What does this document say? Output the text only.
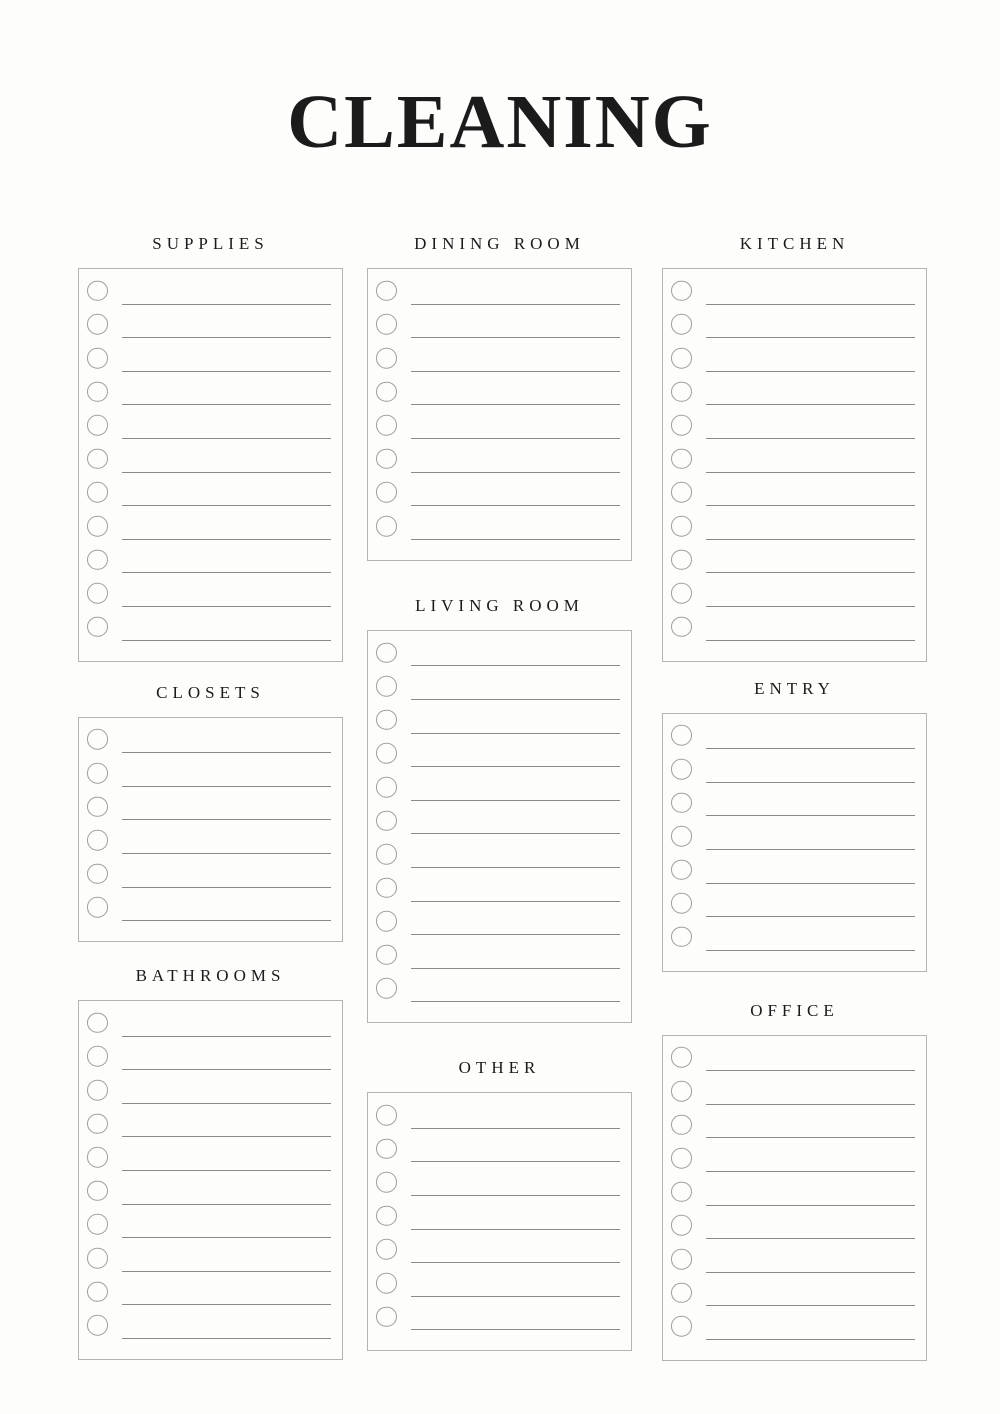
CLEANING
SUPPLIES
CLOSETS
BATHROOMS
DINING ROOM
LIVING ROOM
OTHER
KITCHEN
ENTRY
OFFICE
